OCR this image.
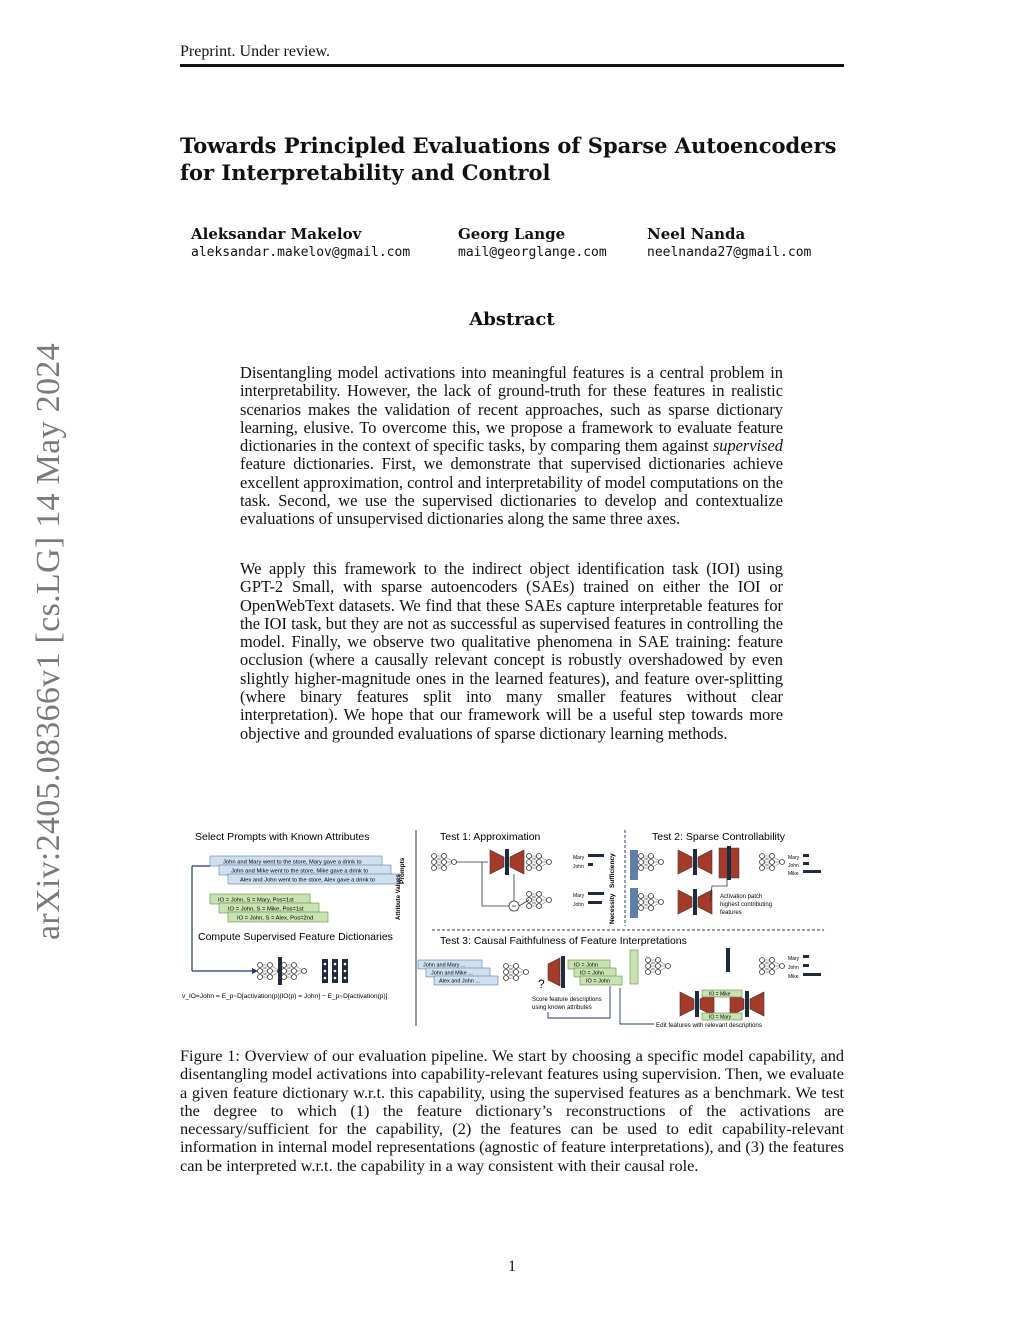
Preprint. Under review.
Towards Principled Evaluations of Sparse Autoencoders for Interpretability and Control
Aleksandar Makelov
aleksandar.makelov@gmail.com
Georg Lange
mail@georglange.com
Neel Nanda
neelnanda27@gmail.com
Abstract

Disentangling model activations into meaningful features is a central problem in interpretability. However, the lack of ground-truth for these features in realistic scenarios makes the validation of recent approaches, such as sparse dictionary learning, elusive. To overcome this, we propose a framework to evaluate feature dictionaries in the context of specific tasks, by comparing them against supervised feature dictionaries. First, we demonstrate that supervised dictionaries achieve excellent approximation, control and interpretability of model computations on the task. Second, we use the supervised dictionaries to develop and contextualize evaluations of unsupervised dictionaries along the same three axes.

We apply this framework to the indirect object identification task (IOI) using GPT-2 Small, with sparse autoencoders (SAEs) trained on either the IOI or OpenWebText datasets. We find that these SAEs capture interpretable features for the IOI task, but they are not as successful as supervised features in controlling the model. Finally, we observe two qualitative phenomena in SAE training: feature occlusion (where a causally relevant concept is robustly overshadowed by even slightly higher-magnitude ones in the learned features), and feature over-splitting (where binary features split into many smaller features without clear interpretation). We hope that our framework will be a useful step towards more objective and grounded evaluations of sparse dictionary learning methods.

arXiv:2405.08366v1 [cs.LG] 14 May 2024	Select Prompts with Known Attributes
John and Mary went to the store, Mary gave a drink to
John and Mike went to the store, Mike gave a drink to
Alex and John went to the store, Alex gave a drink to	Prompts
IO = John, S = Mary, Pos=1st
IO = John, S = Mike, Pos=1st
IO = John, S = Alex, Pos=2nd	Attribute Values
Compute Supervised Feature Dictionaries
v_IO=John = E_p~D[activation(p)|IO(p) = John] − E_p~D[activation(p)]
Test 1: Approximation
Mary
John
Mary
John
Sufficiency
Necessity
Test 2: Sparse Controllability
Mary
John
Mike
Activation patch
highest contributing
features
Test 3: Causal Faithfulness of Feature Interpretations
John and Mary ...
John and Mike ...
Alex and John ...	?
IO = John
IO = John
IO = John
Score feature descriptions
using known attributes
IO = Mike
IO = Mary
Mary
John
Mike
Edit features with relevant descriptions

Figure 1: Overview of our evaluation pipeline. We start by choosing a specific model capability, and disentangling model activations into capability-relevant features using supervision. Then, we evaluate a given feature dictionary w.r.t. this capability, using the supervised features as a benchmark. We test the degree to which (1) the feature dictionary’s reconstructions of the activations are necessary/sufficient for the capability, (2) the features can be used to edit capability-relevant information in internal model representations (agnostic of feature interpretations), and (3) the features can be interpreted w.r.t. the capability in a way consistent with their causal role.

1
